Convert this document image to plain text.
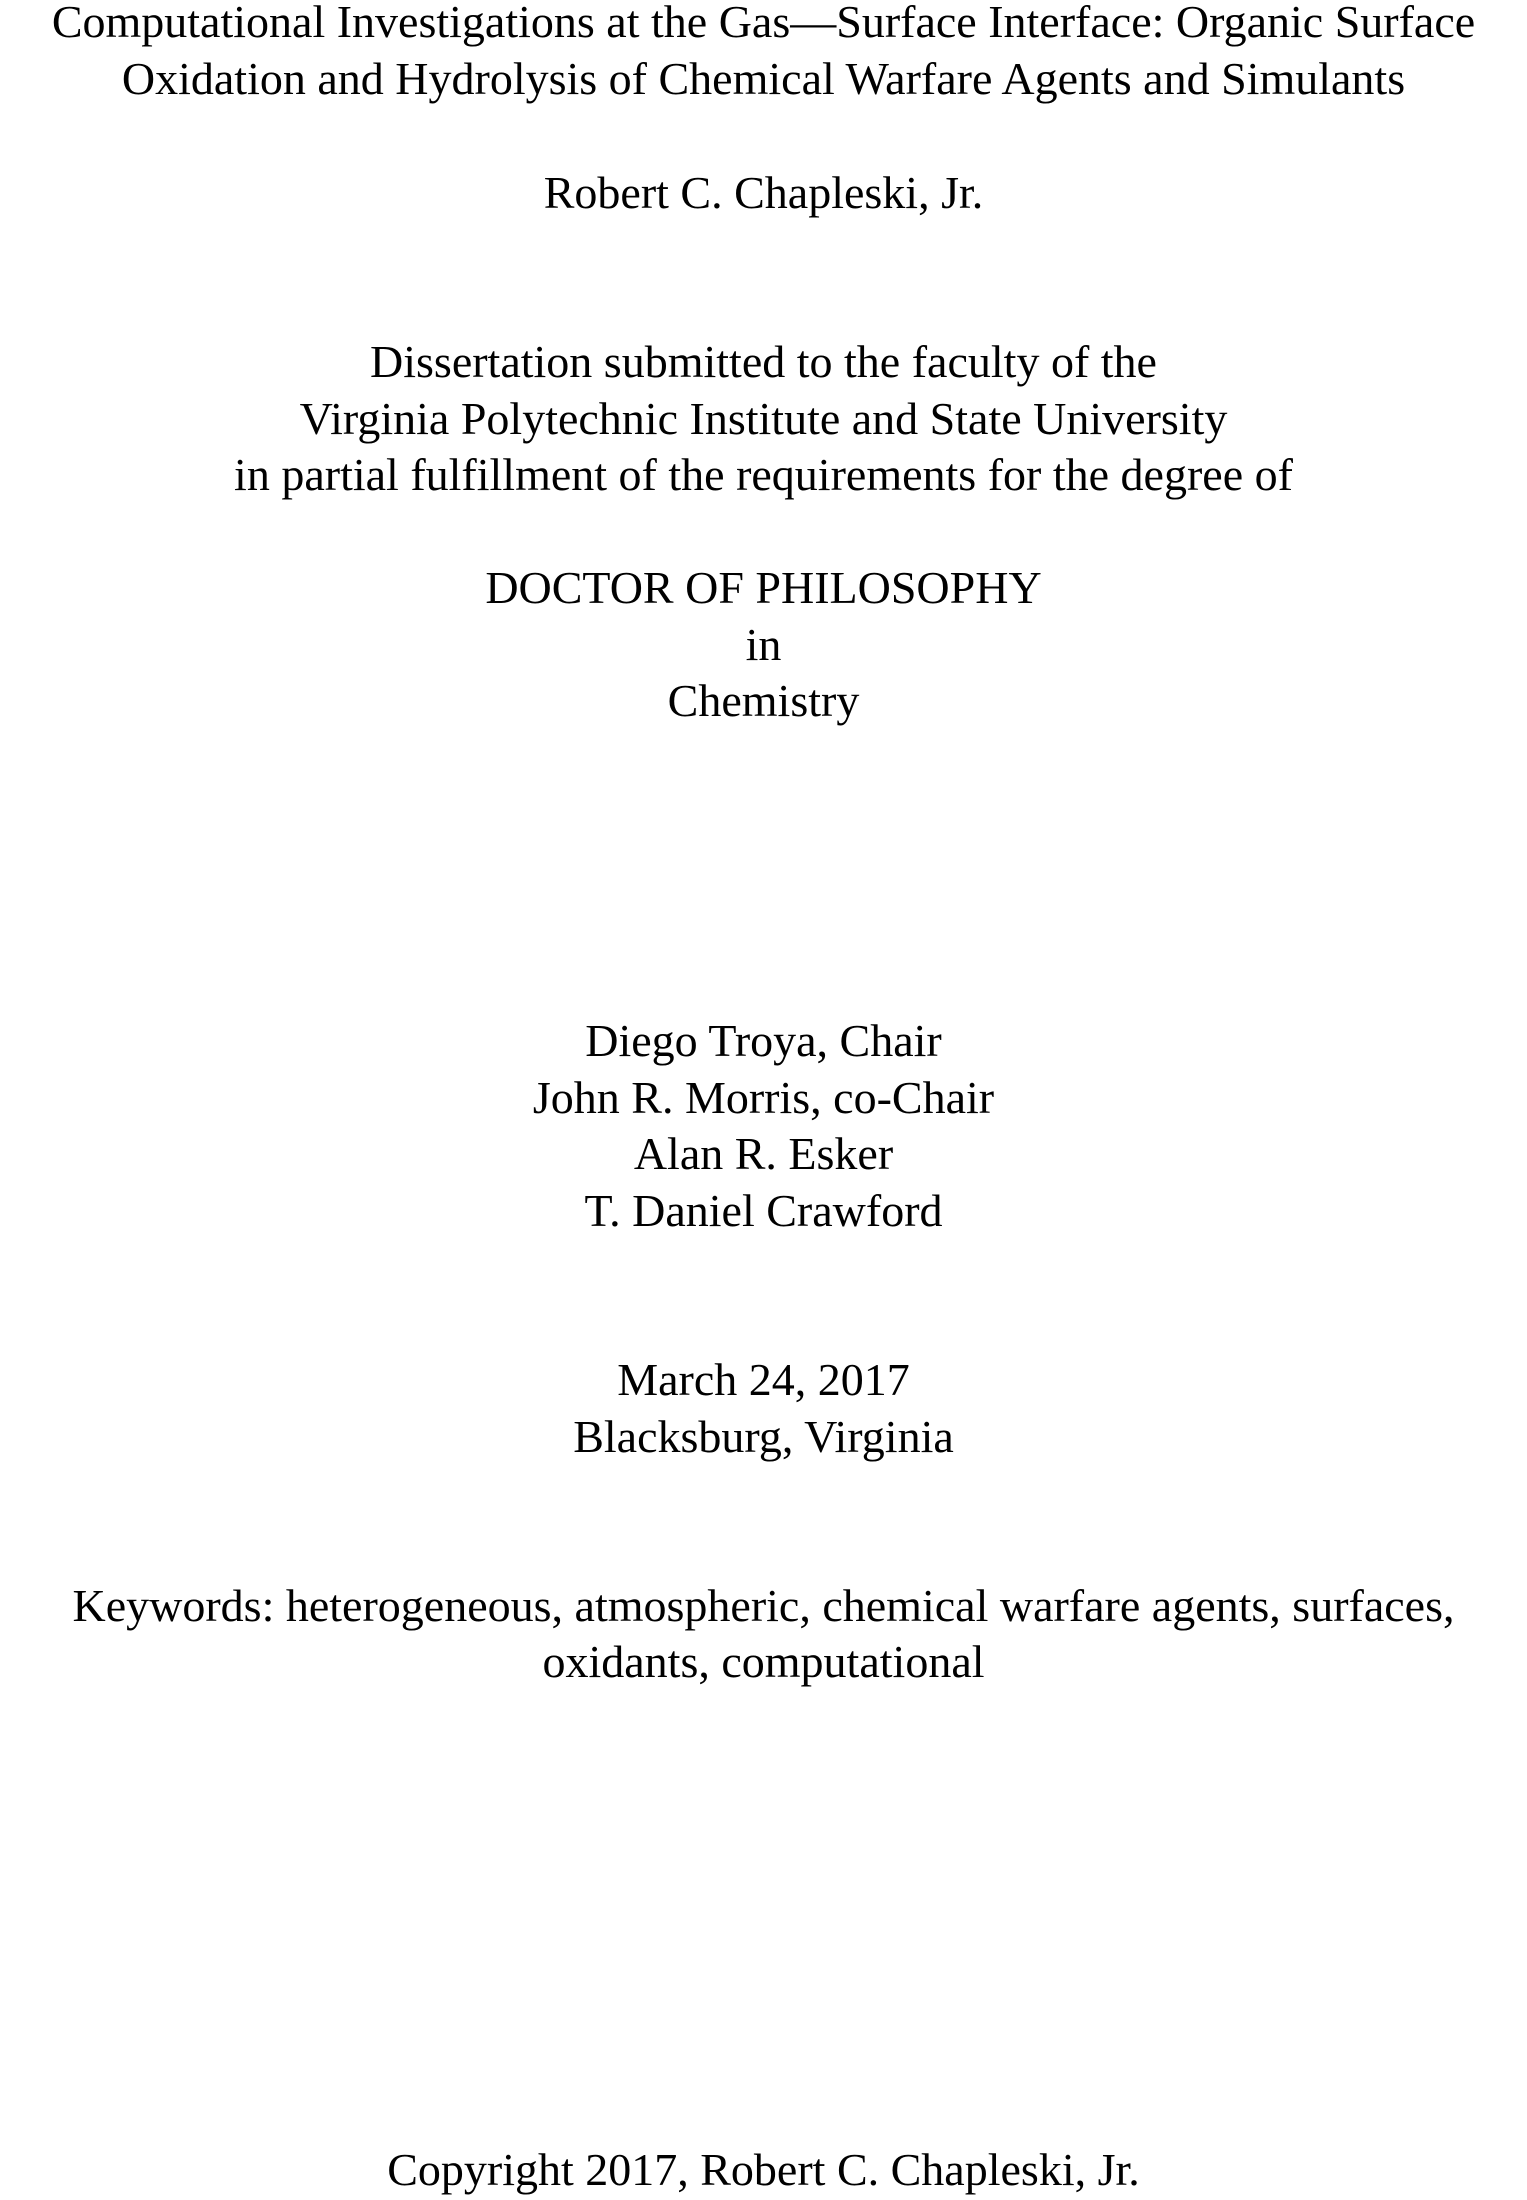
Computational Investigations at the Gas—Surface Interface: Organic Surface

Oxidation and Hydrolysis of Chemical Warfare Agents and Simulants

Robert C. Chapleski, Jr.

Dissertation submitted to the faculty of the

Virginia Polytechnic Institute and State University

in partial fulfillment of the requirements for the degree of

DOCTOR OF PHILOSOPHY

in

Chemistry

Diego Troya, Chair

John R. Morris, co-Chair

Alan R. Esker

T. Daniel Crawford

March 24, 2017

Blacksburg, Virginia

Keywords: heterogeneous, atmospheric, chemical warfare agents, surfaces,

oxidants, computational

Copyright 2017, Robert C. Chapleski, Jr.
